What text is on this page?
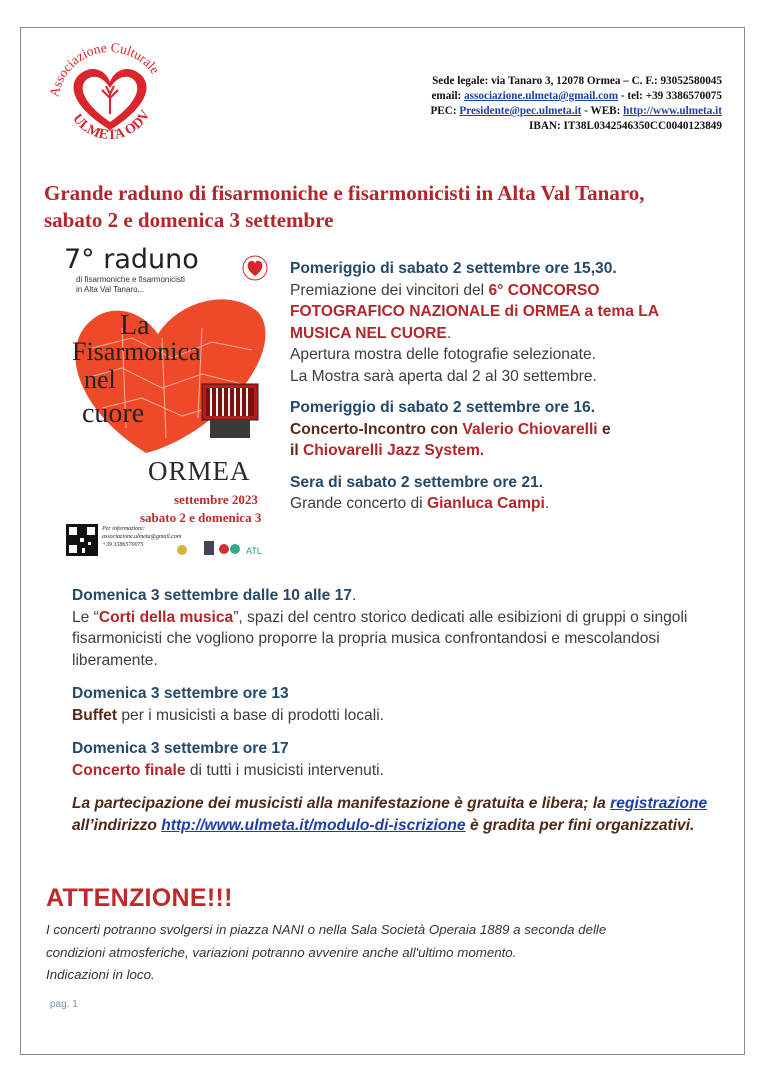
Associazione Culturale
ULMETA ODV
Sede legale: via Tanaro 3, 12078 Ormea – C. F.: 93052580045
email: associazione.ulmeta@gmail.com - tel: +39 3386570075
PEC: Presidente@pec.ulmeta.it - WEB: http://www.ulmeta.it
IBAN: IT38L0342546350CC0040123849
Grande raduno di fisarmoniche e fisarmonicisti in Alta Val Tanaro,
sabato 2 e domenica 3 settembre
7° raduno
di fisarmoniche e fisarmonicisti
in Alta Val Tanaro...
La
Fisarmonica
nel
cuore
ORMEA
settembre 2023
sabato 2 e domenica 3
Per informazioni:
associazione.ulmeta@gmail.com
+39 3386570075
ATL
Pomeriggio di sabato 2 settembre ore 15,30.
Premiazione dei vincitori del 6° CONCORSO FOTOGRAFICO NAZIONALE di ORMEA a tema LA MUSICA NEL CUORE.
Apertura mostra delle fotografie selezionate.
La Mostra sarà aperta dal 2 al 30 settembre.
Pomeriggio di sabato 2 settembre ore 16.
Concerto-Incontro con Valerio Chiovarelli e
il Chiovarelli Jazz System.
Sera di sabato 2 settembre ore 21.
Grande concerto di Gianluca Campi.
Domenica 3 settembre dalle 10 alle 17.
Le “Corti della musica”, spazi del centro storico dedicati alle esibizioni di gruppi o singoli fisarmonicisti che vogliono proporre la propria musica confrontandosi e mescolandosi liberamente.
Domenica 3 settembre ore 13
Buffet per i musicisti a base di prodotti locali.
Domenica 3 settembre ore 17
Concerto finale di tutti i musicisti intervenuti.
La partecipazione dei musicisti alla manifestazione è gratuita e libera; la registrazione all’indirizzo http://www.ulmeta.it/modulo-di-iscrizione è gradita per fini organizzativi.
ATTENZIONE!!!
I concerti potranno svolgersi in piazza NANI o nella Sala Società Operaia 1889 a seconda delle
condizioni atmosferiche, variazioni potranno avvenire anche all'ultimo momento.
Indicazioni in loco.
pag. 1
